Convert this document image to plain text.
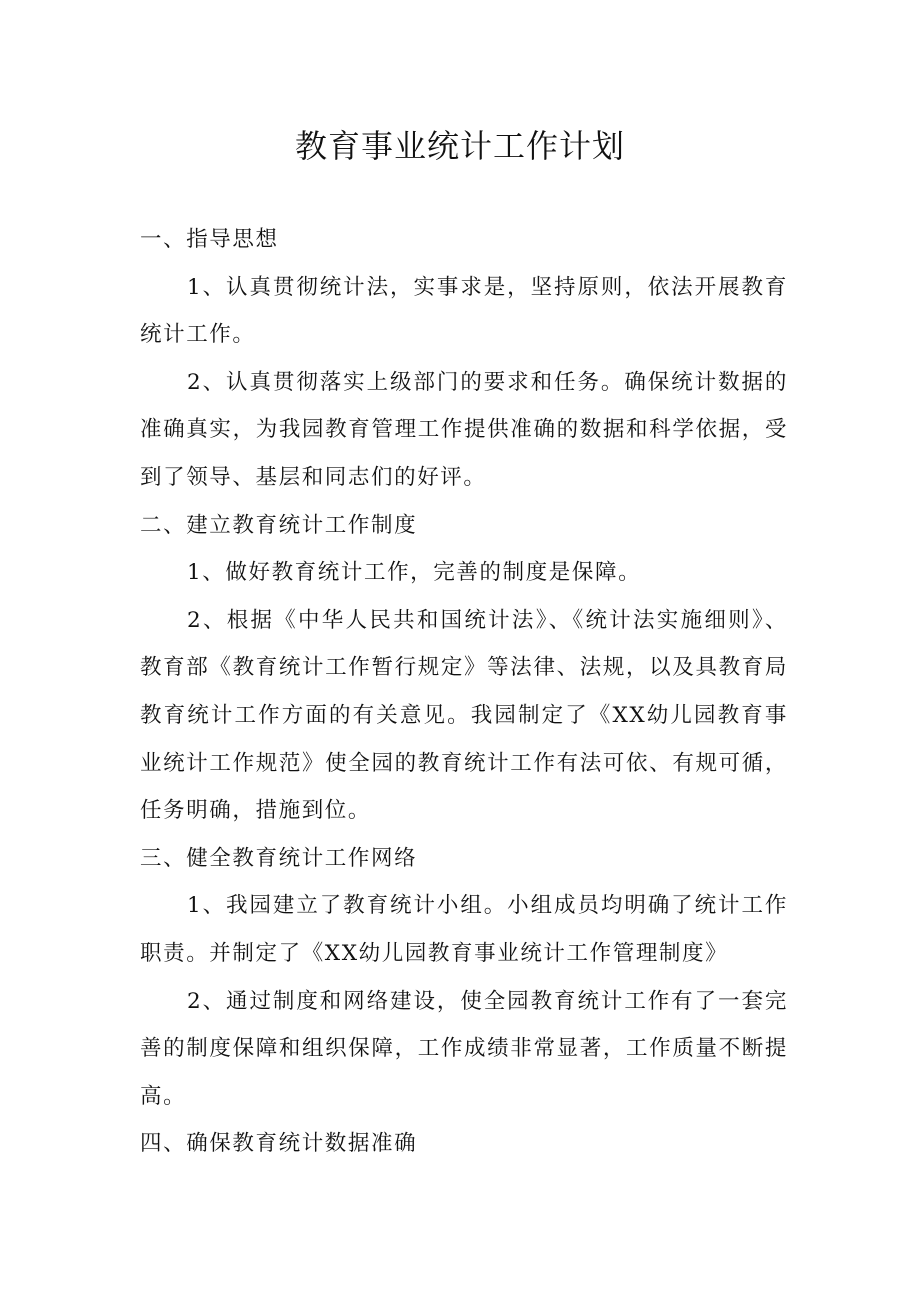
教育事业统计工作计划

一、指导思想

1、认真贯彻统计法，实事求是，坚持原则，依法开展教育统计工作。

2、认真贯彻落实上级部门的要求和任务。确保统计数据的准确真实，为我园教育管理工作提供准确的数据和科学依据，受到了领导、基层和同志们的好评。

二、建立教育统计工作制度

1、做好教育统计工作，完善的制度是保障。

2、根据《中华人民共和国统计法》、《统计法实施细则》、教育部《教育统计工作暂行规定》等法律、法规，以及具教育局教育统计工作方面的有关意见。我园制定了《XX幼儿园教育事业统计工作规范》使全园的教育统计工作有法可依、有规可循，任务明确，措施到位。

三、健全教育统计工作网络

1、我园建立了教育统计小组。小组成员均明确了统计工作职责。并制定了《XX幼儿园教育事业统计工作管理制度》

2、通过制度和网络建设，使全园教育统计工作有了一套完善的制度保障和组织保障，工作成绩非常显著，工作质量不断提高。

四、确保教育统计数据准确
